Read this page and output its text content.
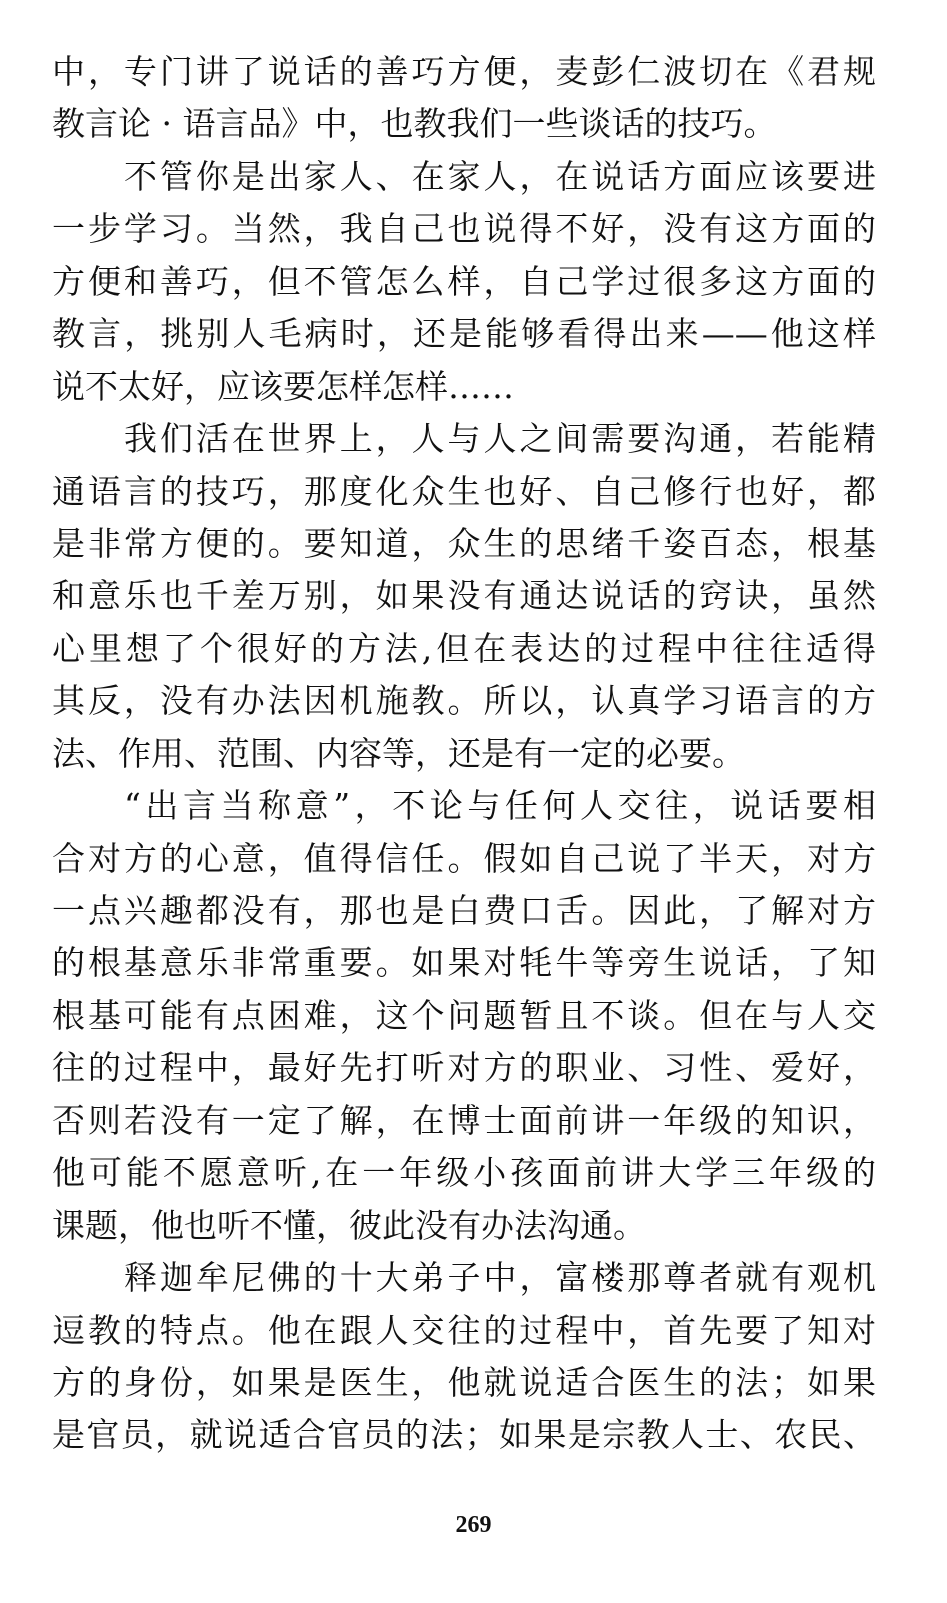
中，专门讲了说话的善巧方便，麦彭仁波切在《君规
教言论 · 语言品》中，也教我们一些谈话的技巧。
不管你是出家人、在家人，在说话方面应该要进
一步学习。当然，我自己也说得不好，没有这方面的
方便和善巧，但不管怎么样，自己学过很多这方面的
教言，挑别人毛病时，还是能够看得出来——他这样
说不太好，应该要怎样怎样……
我们活在世界上，人与人之间需要沟通，若能精
通语言的技巧，那度化众生也好、自己修行也好，都
是非常方便的。要知道，众生的思绪千姿百态，根基
和意乐也千差万别，如果没有通达说话的窍诀，虽然
心里想了个很好的方法,但在表达的过程中往往适得
其反，没有办法因机施教。所以，认真学习语言的方
法、作用、范围、内容等，还是有一定的必要。
“出言当称意”，不论与任何人交往，说话要相
合对方的心意，值得信任。假如自己说了半天，对方
一点兴趣都没有，那也是白费口舌。因此，了解对方
的根基意乐非常重要。如果对牦牛等旁生说话，了知
根基可能有点困难，这个问题暂且不谈。但在与人交
往的过程中，最好先打听对方的职业、习性、爱好，
否则若没有一定了解，在博士面前讲一年级的知识，
他可能不愿意听,在一年级小孩面前讲大学三年级的
课题，他也听不懂，彼此没有办法沟通。
释迦牟尼佛的十大弟子中，富楼那尊者就有观机
逗教的特点。他在跟人交往的过程中，首先要了知对
方的身份，如果是医生，他就说适合医生的法；如果
是官员，就说适合官员的法；如果是宗教人士、农民、
269
